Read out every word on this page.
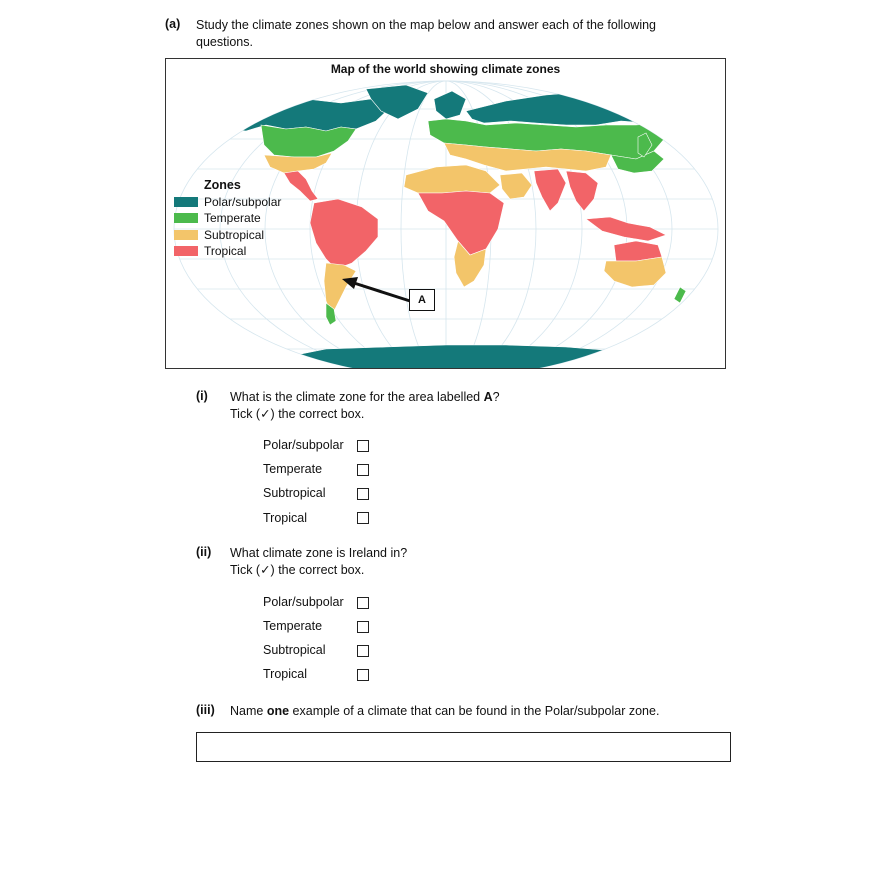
(a) Study the climate zones shown on the map below and answer each of the following
questions.
Map of the world showing climate zones
Zones
Polar/subpolar
Temperate
Subtropical
Tropical
A
(i) What is the climate zone for the area labelled A?
Tick (✓) the correct box.
Polar/subpolar
Temperate
Subtropical
Tropical
(ii) What climate zone is Ireland in?
Tick (✓) the correct box.
Polar/subpolar
Temperate
Subtropical
Tropical
(iii) Name one example of a climate that can be found in the Polar/subpolar zone.
